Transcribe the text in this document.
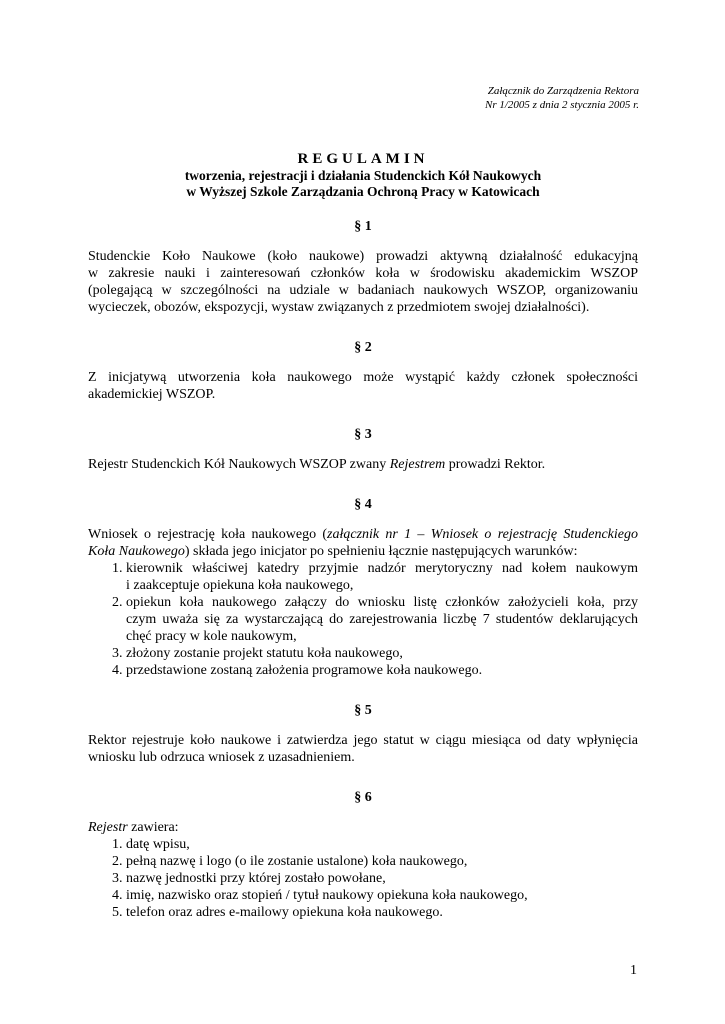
Załącznik do Zarządzenia Rektora
Nr 1/2005 z dnia 2 stycznia 2005 r.

REGULAMIN

tworzenia, rejestracji i działania Studenckich Kół Naukowych
w Wyższej Szkole Zarządzania Ochroną Pracy w Katowicach
§ 1
Studenckie Koło Naukowe (koło naukowe) prowadzi aktywną działalność edukacyjną
w zakresie nauki i zainteresowań członków koła w środowisku akademickim WSZOP
(polegającą w szczególności na udziale w badaniach naukowych WSZOP, organizowaniu
wycieczek, obozów, ekspozycji, wystaw związanych z przedmiotem swojej działalności).
§ 2
Z inicjatywą utworzenia koła naukowego może wystąpić każdy członek społeczności
akademickiej WSZOP.
§ 3
Rejestr Studenckich Kół Naukowych WSZOP zwany Rejestrem prowadzi Rektor.
§ 4
Wniosek o rejestrację koła naukowego (załącznik nr 1 – Wniosek o rejestrację Studenckiego
Koła Naukowego) składa jego inicjator po spełnieniu łącznie następujących warunków:
1. kierownik właściwej katedry przyjmie nadzór merytoryczny nad kołem naukowym
i zaakceptuje opiekuna koła naukowego,
2. opiekun koła naukowego załączy do wniosku listę członków założycieli koła, przy
czym uważa się za wystarczającą do zarejestrowania liczbę 7 studentów deklarujących
chęć pracy w kole naukowym,
3. złożony zostanie projekt statutu koła naukowego,
4. przedstawione zostaną założenia programowe koła naukowego.
§ 5
Rektor rejestruje koło naukowe i zatwierdza jego statut w ciągu miesiąca od daty wpłynięcia
wniosku lub odrzuca wniosek z uzasadnieniem.
§ 6
Rejestr zawiera:
1. datę wpisu,
2. pełną nazwę i logo (o ile zostanie ustalone) koła naukowego,
3. nazwę jednostki przy której zostało powołane,
4. imię, nazwisko oraz stopień / tytuł naukowy opiekuna koła naukowego,
5. telefon oraz adres e-mailowy opiekuna koła naukowego.
1
